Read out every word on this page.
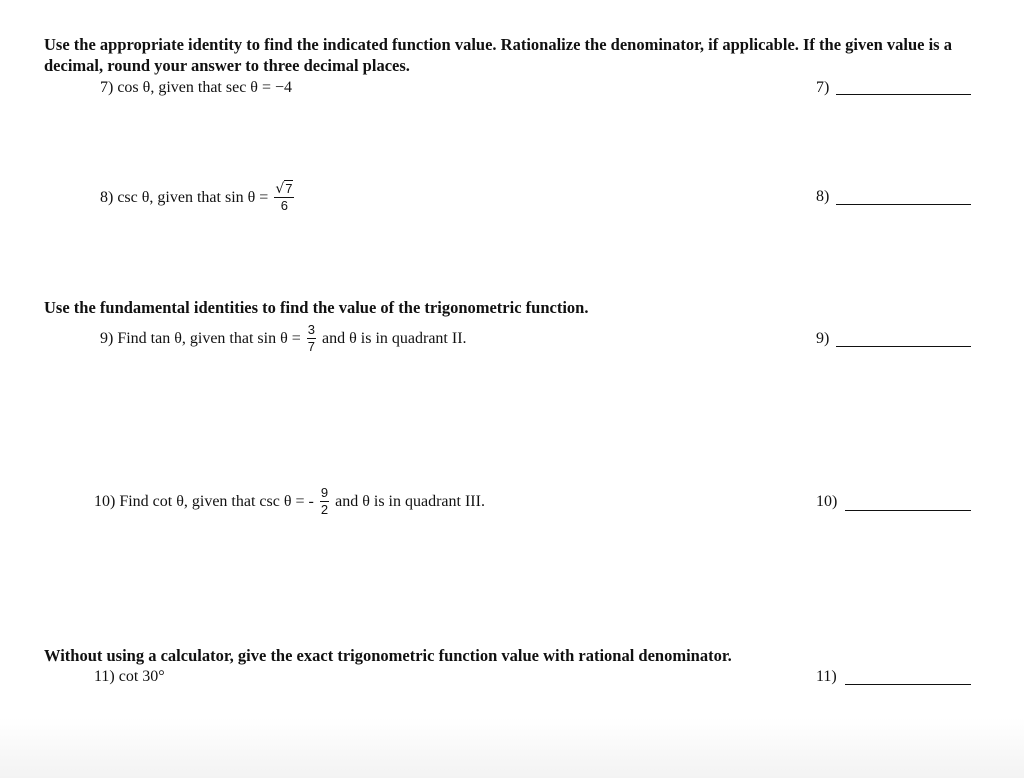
Use the appropriate identity to find the indicated function value. Rationalize the denominator, if applicable. If the given value is a decimal, round your answer to three decimal places.
7) cos θ, given that sec θ = −4	7)
8) csc θ, given that $\sin \theta = \frac{√7}{6}$	8)
Use the fundamental identities to find the value of the trigonometric function.
9) Find tan θ, given that $\sin \theta = \frac{3}{7}$ and θ is in quadrant II.	9)
10) Find cot θ, given that csc θ = - $\frac{9}{2}$ and θ is in quadrant III.	10)
Without using a calculator, give the exact trigonometric function value with rational denominator.
11) cot 30°	11)
